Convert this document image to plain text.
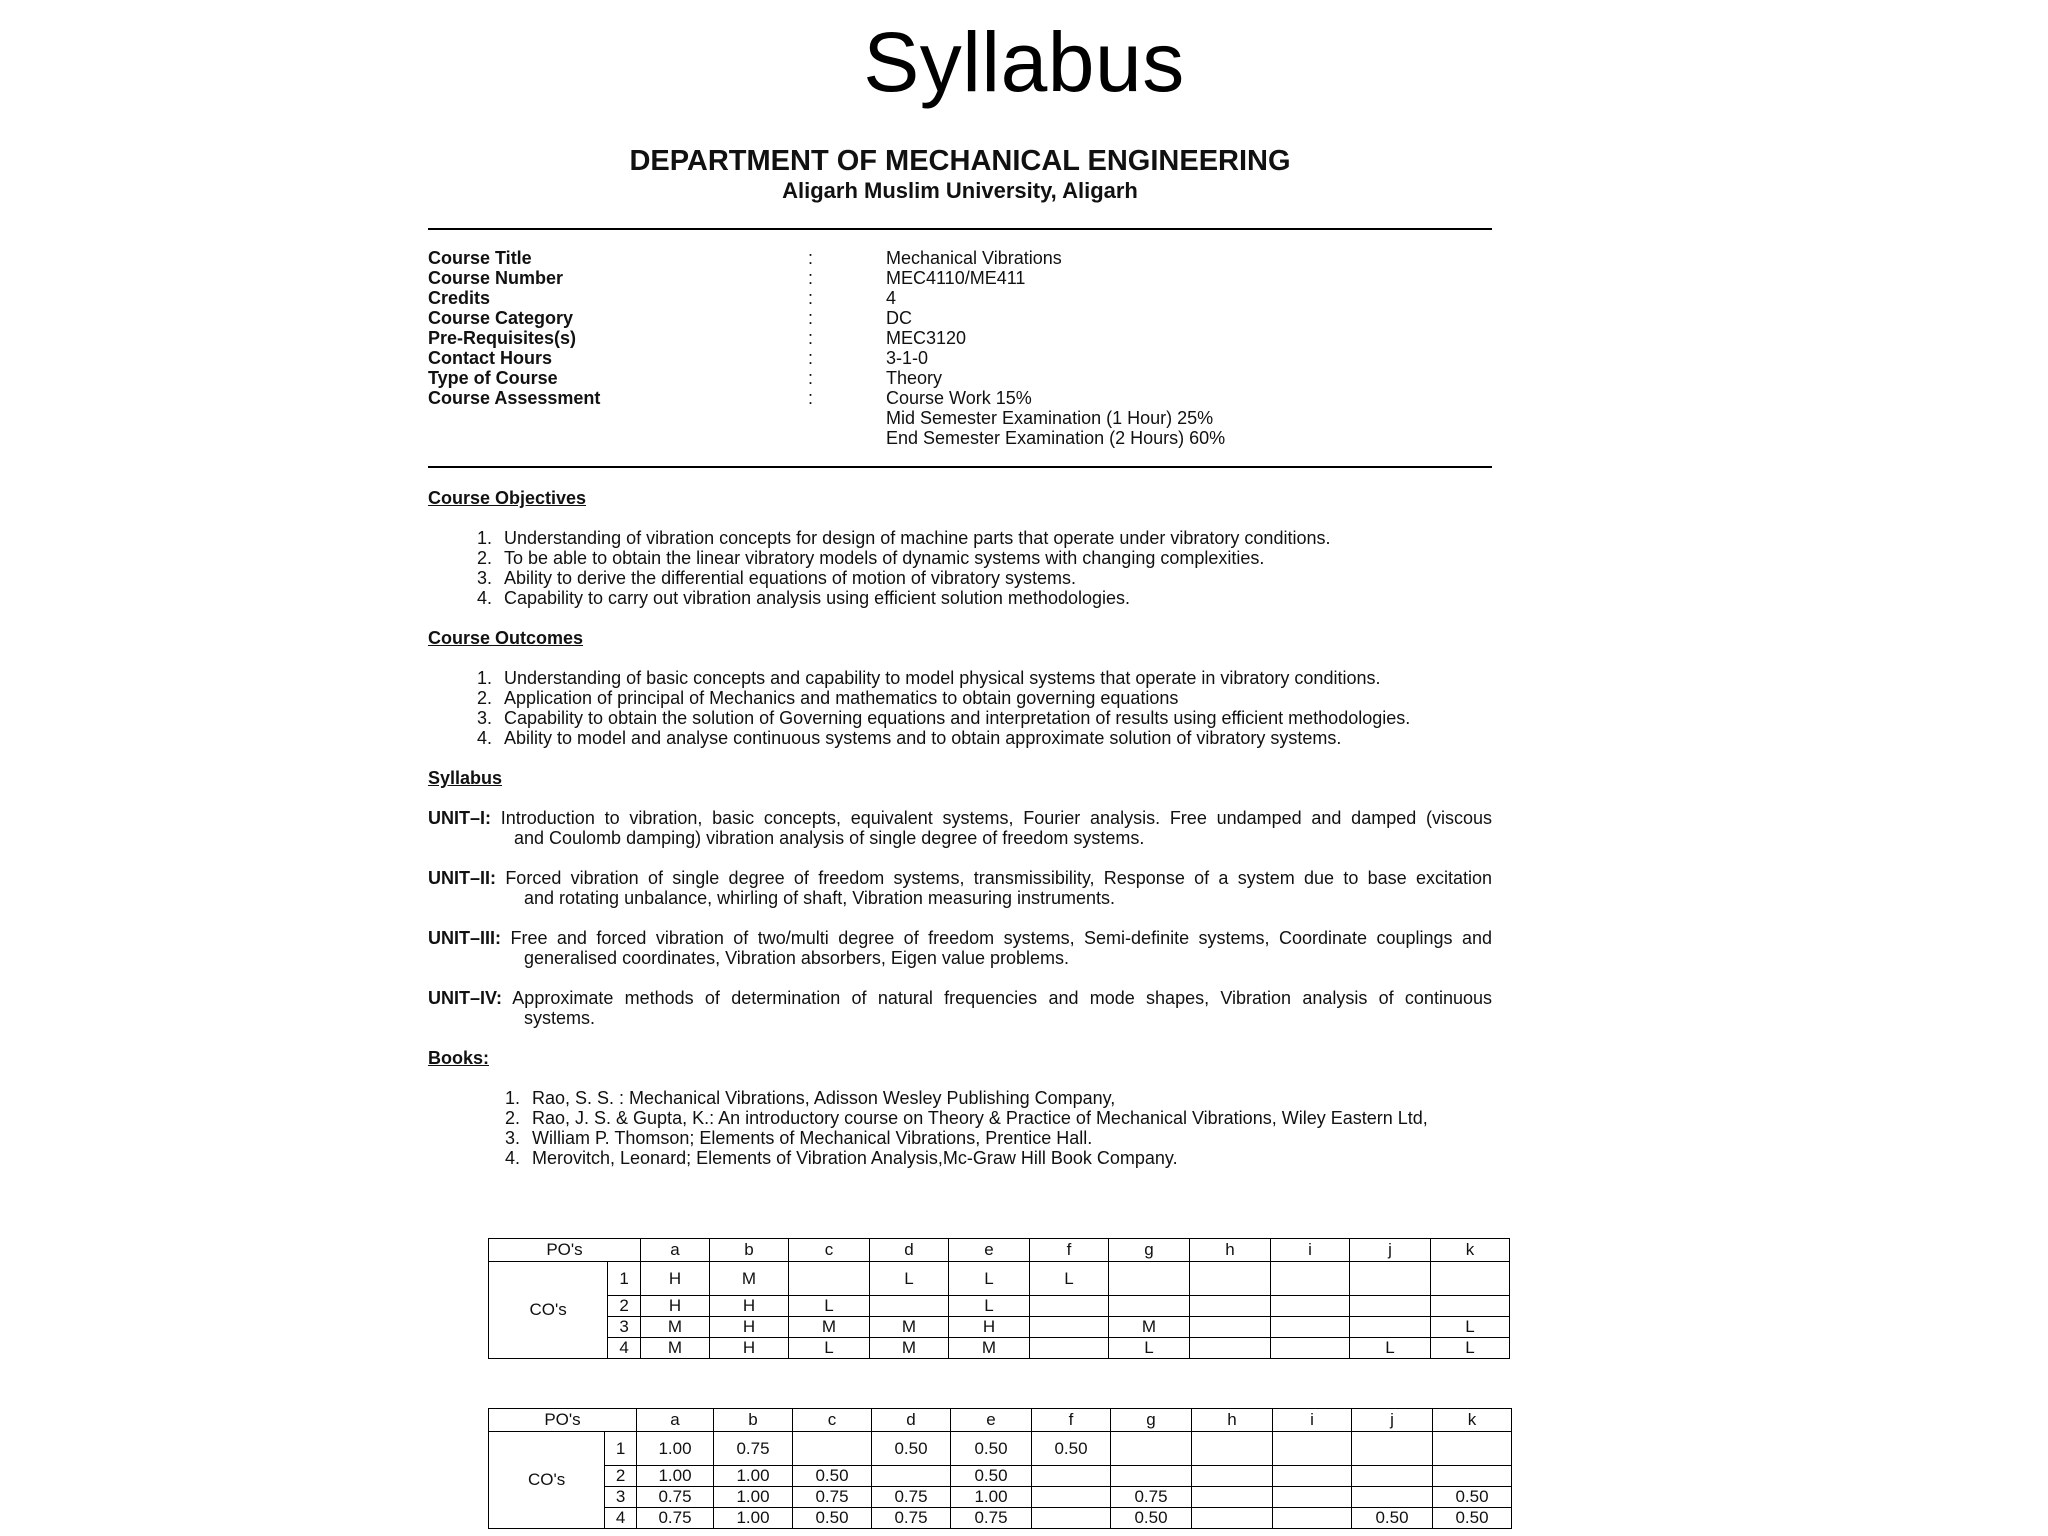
Syllabus
DEPARTMENT OF MECHANICAL ENGINEERING
Aligarh Muslim University, Aligarh
Course Title	:	Mechanical Vibrations
Course Number	:	MEC4110/ME411
Credits	:	4
Course Category	:	DC
Pre-Requisites(s)	:	MEC3120
Contact Hours	:	3-1-0
Type of Course	:	Theory
Course Assessment	:	Course Work 15%
Mid Semester Examination (1 Hour) 25%
End Semester Examination (2 Hours) 60%
Course Objectives
1. Understanding of vibration concepts for design of machine parts that operate under vibratory conditions.
2. To be able to obtain the linear vibratory models of dynamic systems with changing complexities.
3. Ability to derive the differential equations of motion of vibratory systems.
4. Capability to carry out vibration analysis using efficient solution methodologies.
Course Outcomes
1. Understanding of basic concepts and capability to model physical systems that operate in vibratory conditions.
2. Application of principal of Mechanics and mathematics to obtain governing equations
3. Capability to obtain the solution of Governing equations and interpretation of results using efficient methodologies.
4. Ability to model and analyse continuous systems and to obtain approximate solution of vibratory systems.
Syllabus
UNIT–I: Introduction to vibration, basic concepts, equivalent systems, Fourier analysis. Free undamped and damped (viscous
and Coulomb damping) vibration analysis of single degree of freedom systems.
UNIT–II: Forced vibration of single degree of freedom systems, transmissibility, Response of a system due to base excitation
and rotating unbalance, whirling of shaft, Vibration measuring instruments.
UNIT–III: Free and forced vibration of two/multi degree of freedom systems, Semi-definite systems, Coordinate couplings and
generalised coordinates, Vibration absorbers, Eigen value problems.
UNIT–IV: Approximate methods of determination of natural frequencies and mode shapes, Vibration analysis of continuous
systems.
Books:
1. Rao, S. S. : Mechanical Vibrations, Adisson Wesley Publishing Company,
2. Rao, J. S. & Gupta, K.: An introductory course on Theory & Practice of Mechanical Vibrations, Wiley Eastern Ltd,
3. William P. Thomson; Elements of Mechanical Vibrations, Prentice Hall.
4. Merovitch, Leonard; Elements of Vibration Analysis,Mc-Graw Hill Book Company.
PO's		a	b	c	d	e	f	g	h	i	j	k
CO's	1	H	M		L	L	L					
	2	H	H	L		L						
	3	M	H	M	M	H		M				L
	4	M	H	L	M	M		L			L	L
PO's		a	b	c	d	e	f	g	h	i	j	k
CO's	1	1.00	0.75		0.50	0.50	0.50					
	2	1.00	1.00	0.50		0.50						
	3	0.75	1.00	0.75	0.75	1.00		0.75				0.50
	4	0.75	1.00	0.50	0.75	0.75		0.50			0.50	0.50
